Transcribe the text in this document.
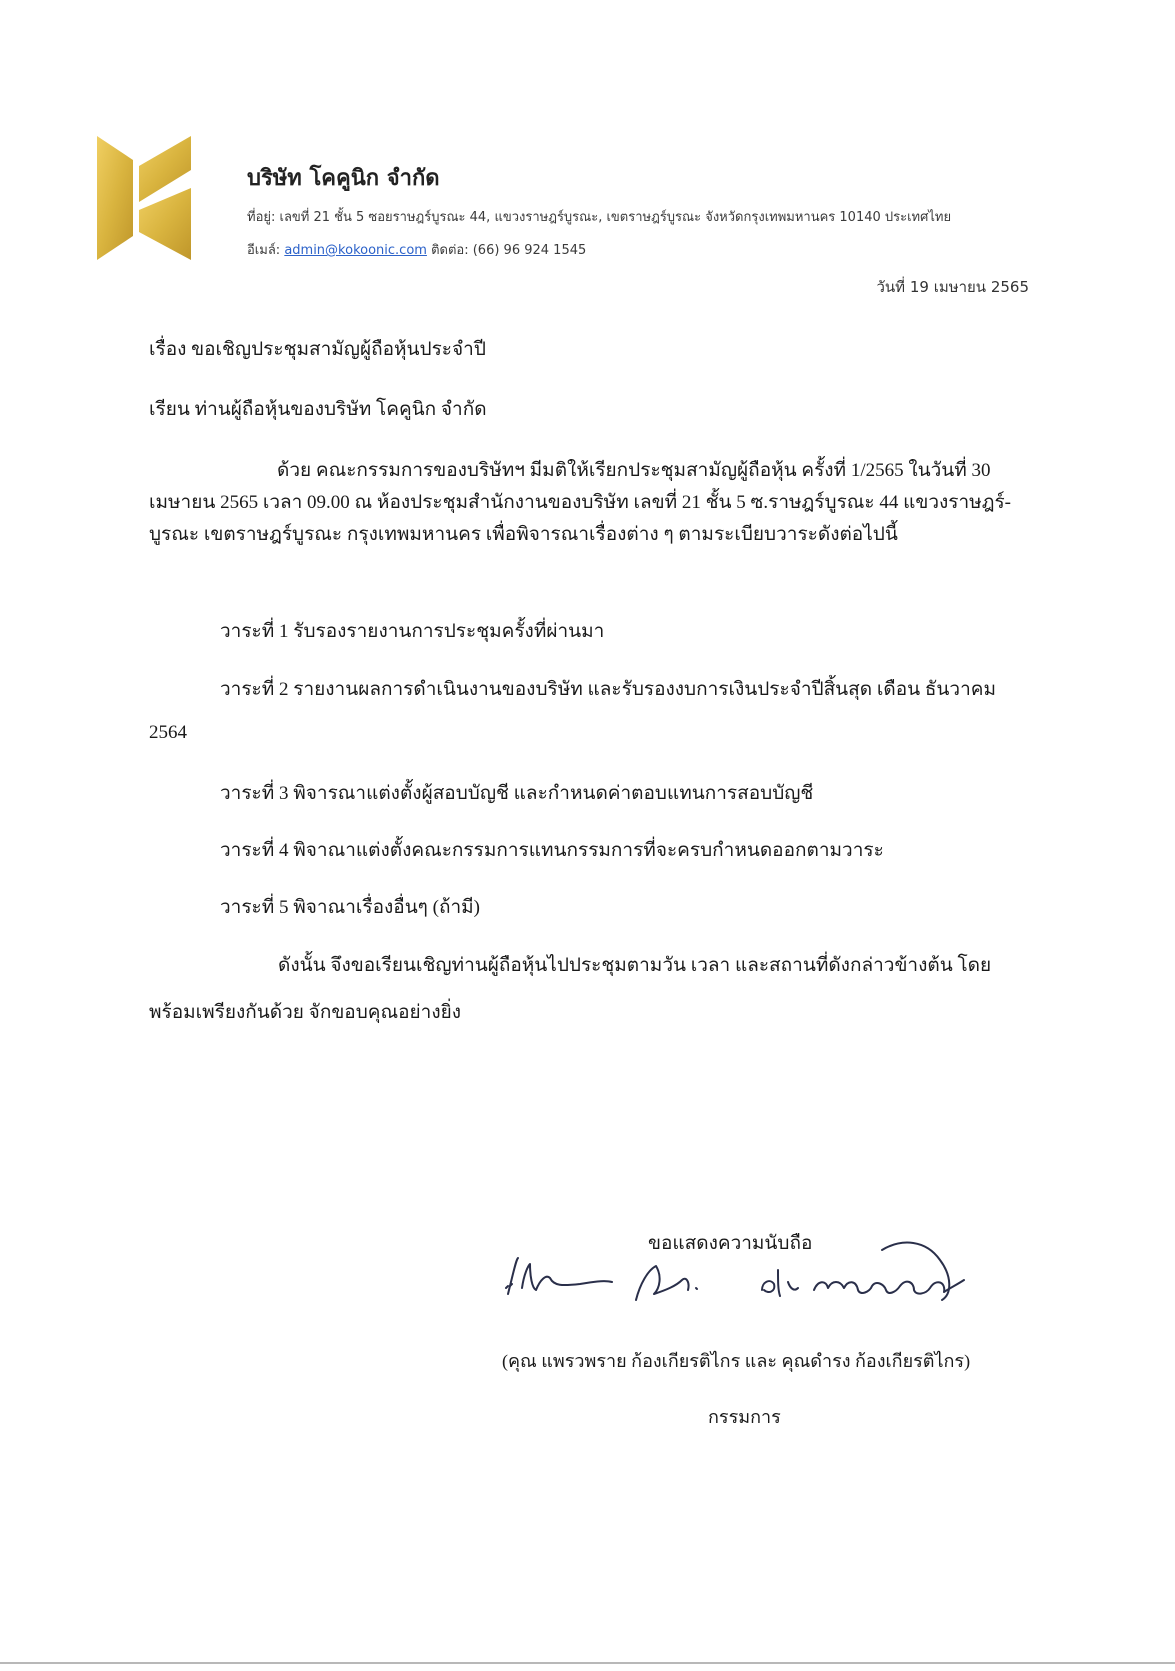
บริษัท โคคูนิก จำกัด
ที่อยู่: เลขที่ 21 ชั้น 5 ซอยราษฎร์บูรณะ 44, แขวงราษฎร์บูรณะ, เขตราษฎร์บูรณะ จังหวัดกรุงเทพมหานคร 10140 ประเทศไทย
อีเมล์: admin@kokoonic.com ติดต่อ: (66) 96 924 1545
วันที่ 19 เมษายน 2565
เรื่อง ขอเชิญประชุมสามัญผู้ถือหุ้นประจำปี
เรียน ท่านผู้ถือหุ้นของบริษัท โคคูนิก จำกัด
ด้วย คณะกรรมการของบริษัทฯ มีมติให้เรียกประชุมสามัญผู้ถือหุ้น ครั้งที่ 1/2565 ในวันที่ 30
เมษายน 2565 เวลา 09.00 ณ ห้องประชุมสำนักงานของบริษัท เลขที่ 21 ชั้น 5 ซ.ราษฎร์บูรณะ 44 แขวงราษฎร์-
บูรณะ เขตราษฎร์บูรณะ กรุงเทพมหานคร เพื่อพิจารณาเรื่องต่าง ๆ ตามระเบียบวาระดังต่อไปนี้
วาระที่ 1 รับรองรายงานการประชุมครั้งที่ผ่านมา
วาระที่ 2 รายงานผลการดำเนินงานของบริษัท และรับรองงบการเงินประจำปีสิ้นสุด เดือน ธันวาคม
2564
วาระที่ 3 พิจารณาแต่งตั้งผู้สอบบัญชี และกำหนดค่าตอบแทนการสอบบัญชี
วาระที่ 4 พิจาณาแต่งตั้งคณะกรรมการแทนกรรมการที่จะครบกำหนดออกตามวาระ
วาระที่ 5 พิจาณาเรื่องอื่นๆ (ถ้ามี)
ดังนั้น จึงขอเรียนเชิญท่านผู้ถือหุ้นไปประชุมตามวัน เวลา และสถานที่ดังกล่าวข้างต้น โดย
พร้อมเพรียงกันด้วย จักขอบคุณอย่างยิ่ง
ขอแสดงความนับถือ
(คุณ แพรวพราย ก้องเกียรติไกร และ คุณดำรง ก้องเกียรติไกร)
กรรมการ
